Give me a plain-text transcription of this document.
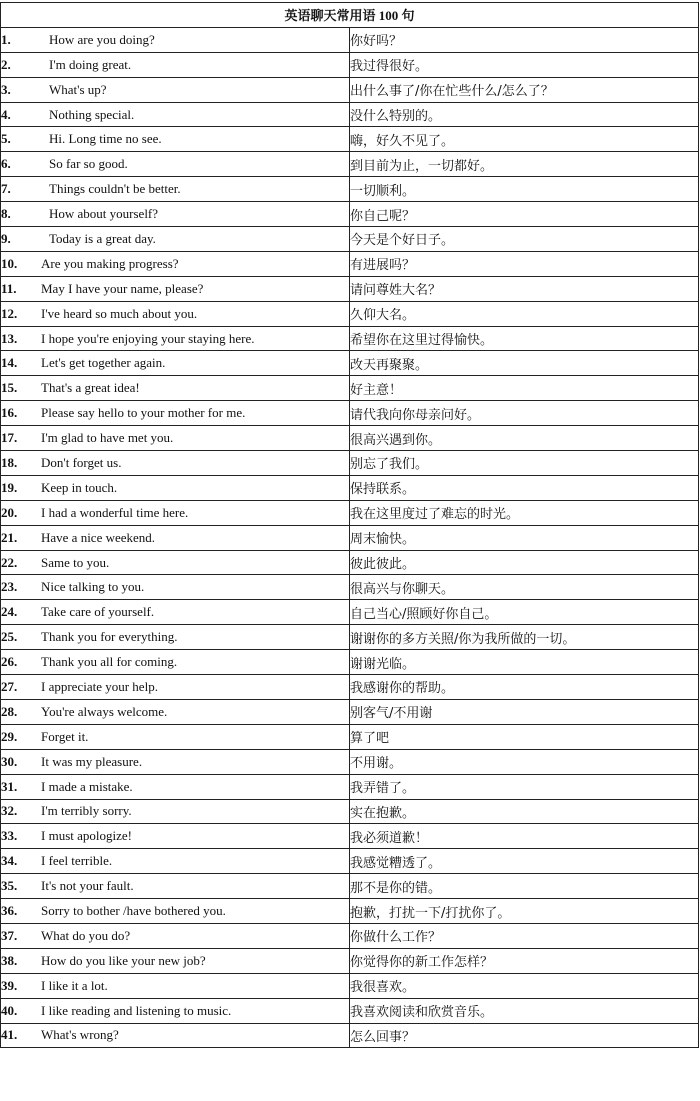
英语聊天常用语 100 句	
1. How are you doing?	你好吗？
2. I'm doing great.	我过得很好。
3. What's up?	出什么事了/你在忙些什么/怎么了？
4. Nothing special.	没什么特别的。
5. Hi. Long time no see.	嗨，好久不见了。
6. So far so good.	到目前为止，一切都好。
7. Things couldn't be better.	一切顺利。
8. How about yourself?	你自己呢？
9. Today is a great day.	今天是个好日子。
10. Are you making progress?	有进展吗？
11. May I have your name, please?	请问尊姓大名？
12. I've heard so much about you.	久仰大名。
13. I hope you're enjoying your staying here.	希望你在这里过得愉快。
14. Let's get together again.	改天再聚聚。
15. That's a great idea!	好主意！
16. Please say hello to your mother for me.	请代我向你母亲问好。
17. I'm glad to have met you.	很高兴遇到你。
18. Don't forget us.	别忘了我们。
19. Keep in touch.	保持联系。
20. I had a wonderful time here.	我在这里度过了难忘的时光。
21. Have a nice weekend.	周末愉快。
22. Same to you.	彼此彼此。
23. Nice talking to you.	很高兴与你聊天。
24. Take care of yourself.	自己当心/照顾好你自己。
25. Thank you for everything.	谢谢你的多方关照/你为我所做的一切。
26. Thank you all for coming.	谢谢光临。
27. I appreciate your help.	我感谢你的帮助。
28. You're always welcome.	别客气/不用谢
29. Forget it.	算了吧
30. It was my pleasure.	不用谢。
31. I made a mistake.	我弄错了。
32. I'm terribly sorry.	实在抱歉。
33. I must apologize!	我必须道歉！
34. I feel terrible.	我感觉糟透了。
35. It's not your fault.	那不是你的错。
36. Sorry to bother /have bothered you.	抱歉，打扰一下/打扰你了。
37. What do you do?	你做什么工作？
38. How do you like your new job?	你觉得你的新工作怎样？
39. I like it a lot.	我很喜欢。
40. I like reading and listening to music.	我喜欢阅读和欣赏音乐。
41. What's wrong?	怎么回事？
